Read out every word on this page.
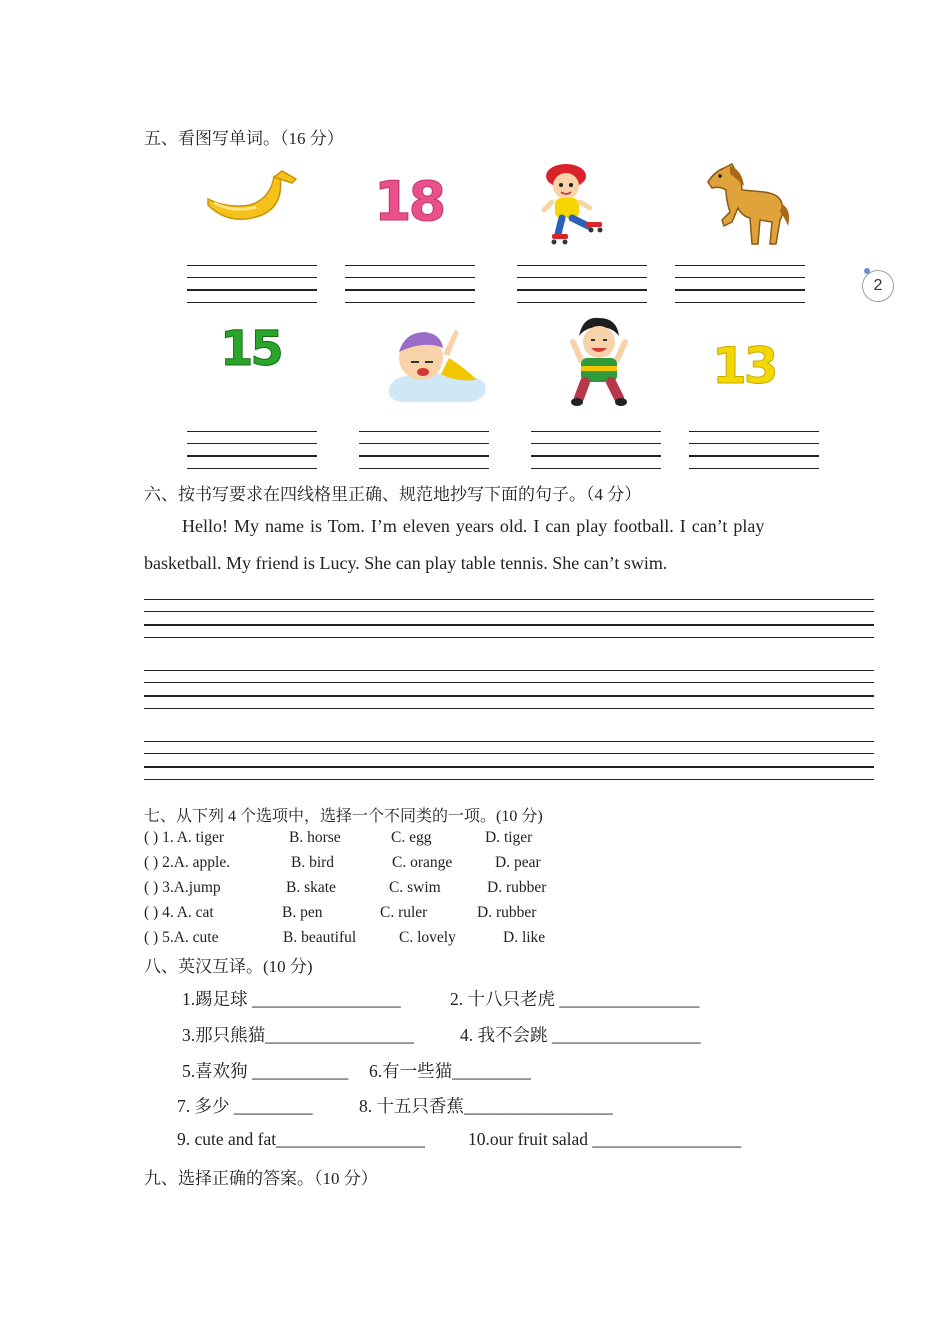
五、看图写单词。（16 分）
18
2
15	13
六、按书写要求在四线格里正确、规范地抄写下面的句子。（4 分）
Hello! My name is Tom. I’m eleven years old. I can play football. I can’t play
basketball. My friend is Lucy. She can play table tennis. She can’t swim.
七、从下列 4 个选项中，选择一个不同类的一项。(10 分)
( ) 1. A. tiger	B. horse	C. egg	D. tiger
( ) 2.A. apple.	B. bird	C. orange	D. pear
( ) 3.A.jump	B. skate	C. swim	D. rubber
( ) 4. A. cat	B. pen	C. ruler	D. rubber
( ) 5.A. cute	B. beautiful	C. lovely	D. like
八、英汉互译。(10 分)
1.踢足球 _________________	2. 十八只老虎 ________________
3.那只熊猫_________________	4. 我不会跳 _________________
5.喜欢狗 ___________ 6.有一些猫_________
7. 多少 _________	8. 十五只香蕉_________________
9. cute and fat_________________ 10.our fruit salad _________________
九、选择正确的答案。（10 分）
